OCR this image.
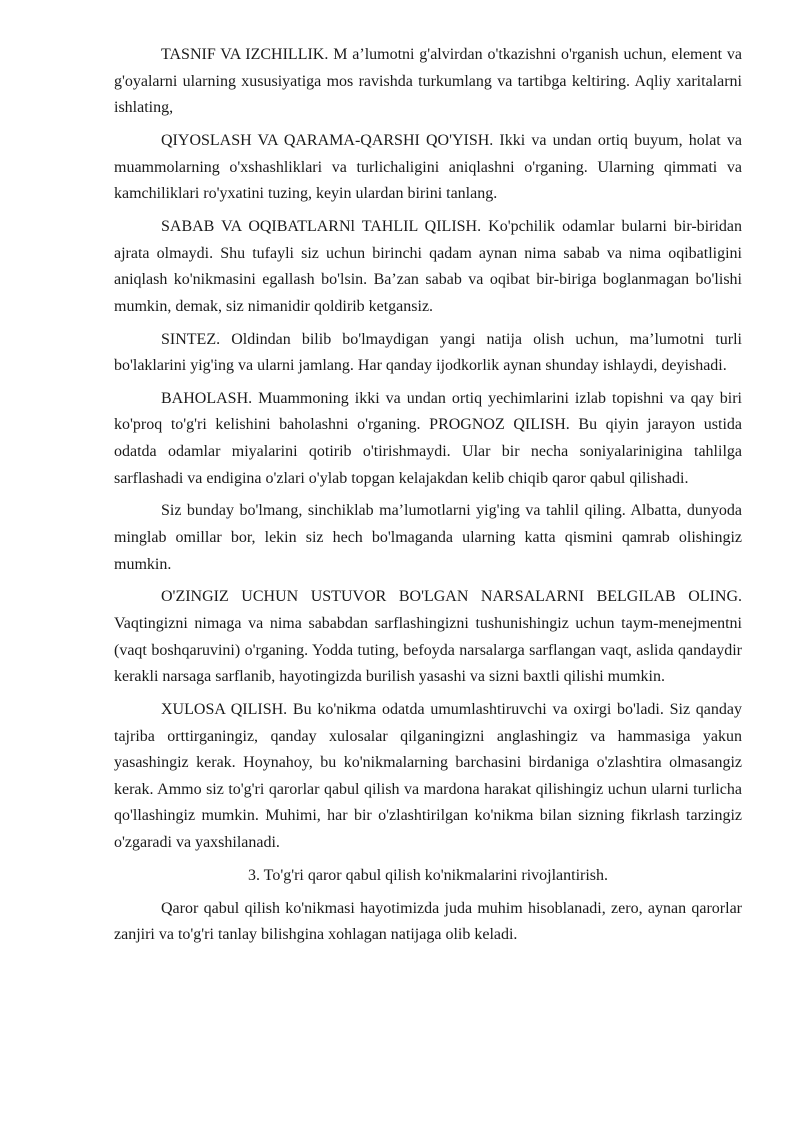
TASNIF VA IZCHILLIK. M a’lumotni g'alvirdan o'tkazishni o'rganish uchun, element va g'oyalarni ularning xususiyatiga mos ravishda turkumlang va tartibga keltiring. Aqliy xaritalarni ishlating,

QIYOSLASH VA QARAMA-QARSHI QO'YISH. Ikki va undan ortiq buyum, holat va muammolarning o'xshashliklari va turlichaligini aniqlashni o'rganing. Ularning qimmati va kamchiliklari ro'yxatini tuzing, keyin ulardan birini tanlang.

SABAB VA OQIBATLARNl TAHLIL QILISH. Ko'pchilik odamlar bularni bir-biridan ajrata olmaydi. Shu tufayli siz uchun birinchi qadam aynan nima sabab va nima oqibatligini aniqlash ko'nikmasini egallash bo'lsin. Ba’zan sabab va oqibat bir-biriga boglanmagan bo'lishi mumkin, demak, siz nimanidir qoldirib ketgansiz.

SINTEZ. Oldindan bilib bo'lmaydigan yangi natija olish uchun, ma’lumotni turli bo'laklarini yig'ing va ularni jamlang. Har qanday ijodkorlik aynan shunday ishlaydi, deyishadi.

BAHOLASH. Muammoning ikki va undan ortiq yechimlarini izlab topishni va qay biri ko'proq to'g'ri kelishini baholashni o'rganing. PROGNOZ QILISH. Bu qiyin jarayon ustida odatda odamlar miyalarini qotirib o'tirishmaydi. Ular bir necha soniyalarinigina tahlilga sarflashadi va endigina o'zlari o'ylab topgan kelajakdan kelib chiqib qaror qabul qilishadi.

Siz bunday bo'lmang, sinchiklab ma’lumotlarni yig'ing va tahlil qiling. Albatta, dunyoda minglab omillar bor, lekin siz hech bo'lmaganda ularning katta qismini qamrab olishingiz mumkin.

O'ZINGIZ UCHUN USTUVOR BO'LGAN NARSALARNI BELGILAB OLING. Vaqtingizni nimaga va nima sababdan sarflashingizni tushunishingiz uchun taym-menejmentni (vaqt boshqaruvini) o'rganing. Yodda tuting, befoyda narsalarga sarflangan vaqt, aslida qandaydir kerakli narsaga sarflanib, hayotingizda burilish yasashi va sizni baxtli qilishi mumkin.

XULOSA QILISH. Bu ko'nikma odatda umumlashtiruvchi va oxirgi bo'ladi. Siz qanday tajriba orttirganingiz, qanday xulosalar qilganingizni anglashingiz va hammasiga yakun yasashingiz kerak. Hoynahoy, bu ko'nikmalarning barchasini birdaniga o'zlashtira olmasangiz kerak. Ammo siz to'g'ri qarorlar qabul qilish va mardona harakat qilishingiz uchun ularni turlicha qo'llashingiz mumkin. Muhimi, har bir o'zlashtirilgan ko'nikma bilan sizning fikrlash tarzingiz o'zgaradi va yaxshilanadi.

3. To'g'ri qaror qabul qilish ko'nikmalarini rivojlantirish.

Qaror qabul qilish ko'nikmasi hayotimizda juda muhim hisoblanadi, zero, aynan qarorlar zanjiri va to'g'ri tanlay bilishgina xohlagan natijaga olib keladi.
